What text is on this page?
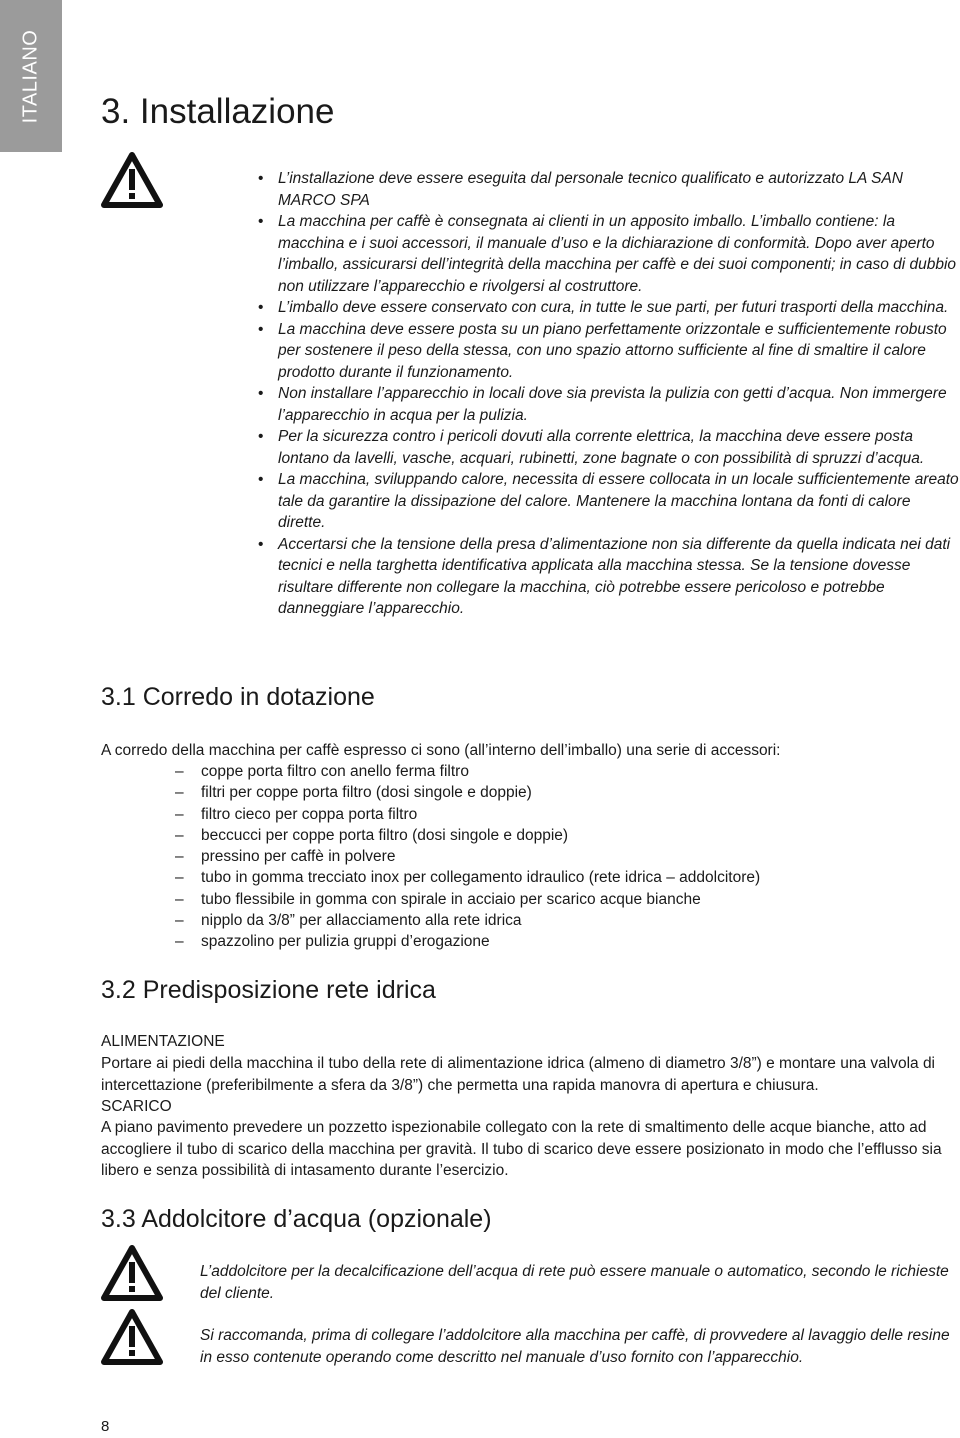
ITALIANO 3. Installazione
• L’installazione deve essere eseguita dal personale tecnico qualificato e autorizzato LA SAN MARCO SPA
• La macchina per caffè è consegnata ai clienti in un apposito imballo. L’imballo contiene: la macchina e i suoi accessori, il manuale d’uso e la dichiarazione di conformità. Dopo aver aperto l’imballo, assicurarsi dell’integrità della macchina per caffè e dei suoi componenti; in caso di dubbio non utilizzare l’apparecchio e rivolgersi al costruttore.
• L’imballo deve essere conservato con cura, in tutte le sue parti, per futuri trasporti della macchina.
• La macchina deve essere posta su un piano perfettamente orizzontale e sufficientemente robusto per sostenere il peso della stessa, con uno spazio attorno sufficiente al fine di smaltire il calore prodotto durante il funzionamento.
• Non installare l’apparecchio in locali dove sia prevista la pulizia con getti d’acqua. Non immergere l’apparecchio in acqua per la pulizia.
• Per la sicurezza contro i pericoli dovuti alla corrente elettrica, la macchina deve essere posta lontano da lavelli, vasche, acquari, rubinetti, zone bagnate o con possibilità di spruzzi d’acqua.
• La macchina, sviluppando calore, necessita di essere collocata in un locale sufficientemente areato tale da garantire la dissipazione del calore. Mantenere la macchina lontana da fonti di calore dirette.
• Accertarsi che la tensione della presa d’alimentazione non sia differente da quella indicata nei dati tecnici e nella targhetta identificativa applicata alla macchina stessa. Se la tensione dovesse risultare differente non collegare la macchina, ciò potrebbe essere pericoloso e potrebbe danneggiare l’apparecchio.
3.1 Corredo in dotazione

A corredo della macchina per caffè espresso ci sono (all’interno dell’imballo) una serie di accessori:

– coppe porta filtro con anello ferma filtro
– filtri per coppe porta filtro (dosi singole e doppie)
– filtro cieco per coppa porta filtro
– beccucci per coppe porta filtro (dosi singole e doppie)
– pressino per caffè in polvere
– tubo in gomma trecciato inox per collegamento idraulico (rete idrica – addolcitore)
– tubo flessibile in gomma con spirale in acciaio per scarico acque bianche
– nipplo da 3/8” per allacciamento alla rete idrica
– spazzolino per pulizia gruppi d’erogazione
3.2 Predisposizione rete idrica

ALIMENTAZIONE

Portare ai piedi della macchina il tubo della rete di alimentazione idrica (almeno di diametro 3/8”) e montare una valvola di intercettazione (preferibilmente a sfera da 3/8”) che permetta una rapida manovra di apertura e chiusura.

SCARICO

A piano pavimento prevedere un pozzetto ispezionabile collegato con la rete di smaltimento delle acque bianche, atto ad accogliere il tubo di scarico della macchina per gravità. Il tubo di scarico deve essere posizionato in modo che l’efflusso sia libero e senza possibilità di intasamento durante l’esercizio.

3.3 Addolcitore d’acqua (opzionale)

L’addolcitore per la decalcificazione dell’acqua di rete può essere manuale o automatico, secondo le richieste del cliente.

Si raccomanda, prima di collegare l’addolcitore alla macchina per caffè, di provvedere al lavaggio delle resine in esso contenute operando come descritto nel manuale d’uso fornito con l’apparecchio.

8
